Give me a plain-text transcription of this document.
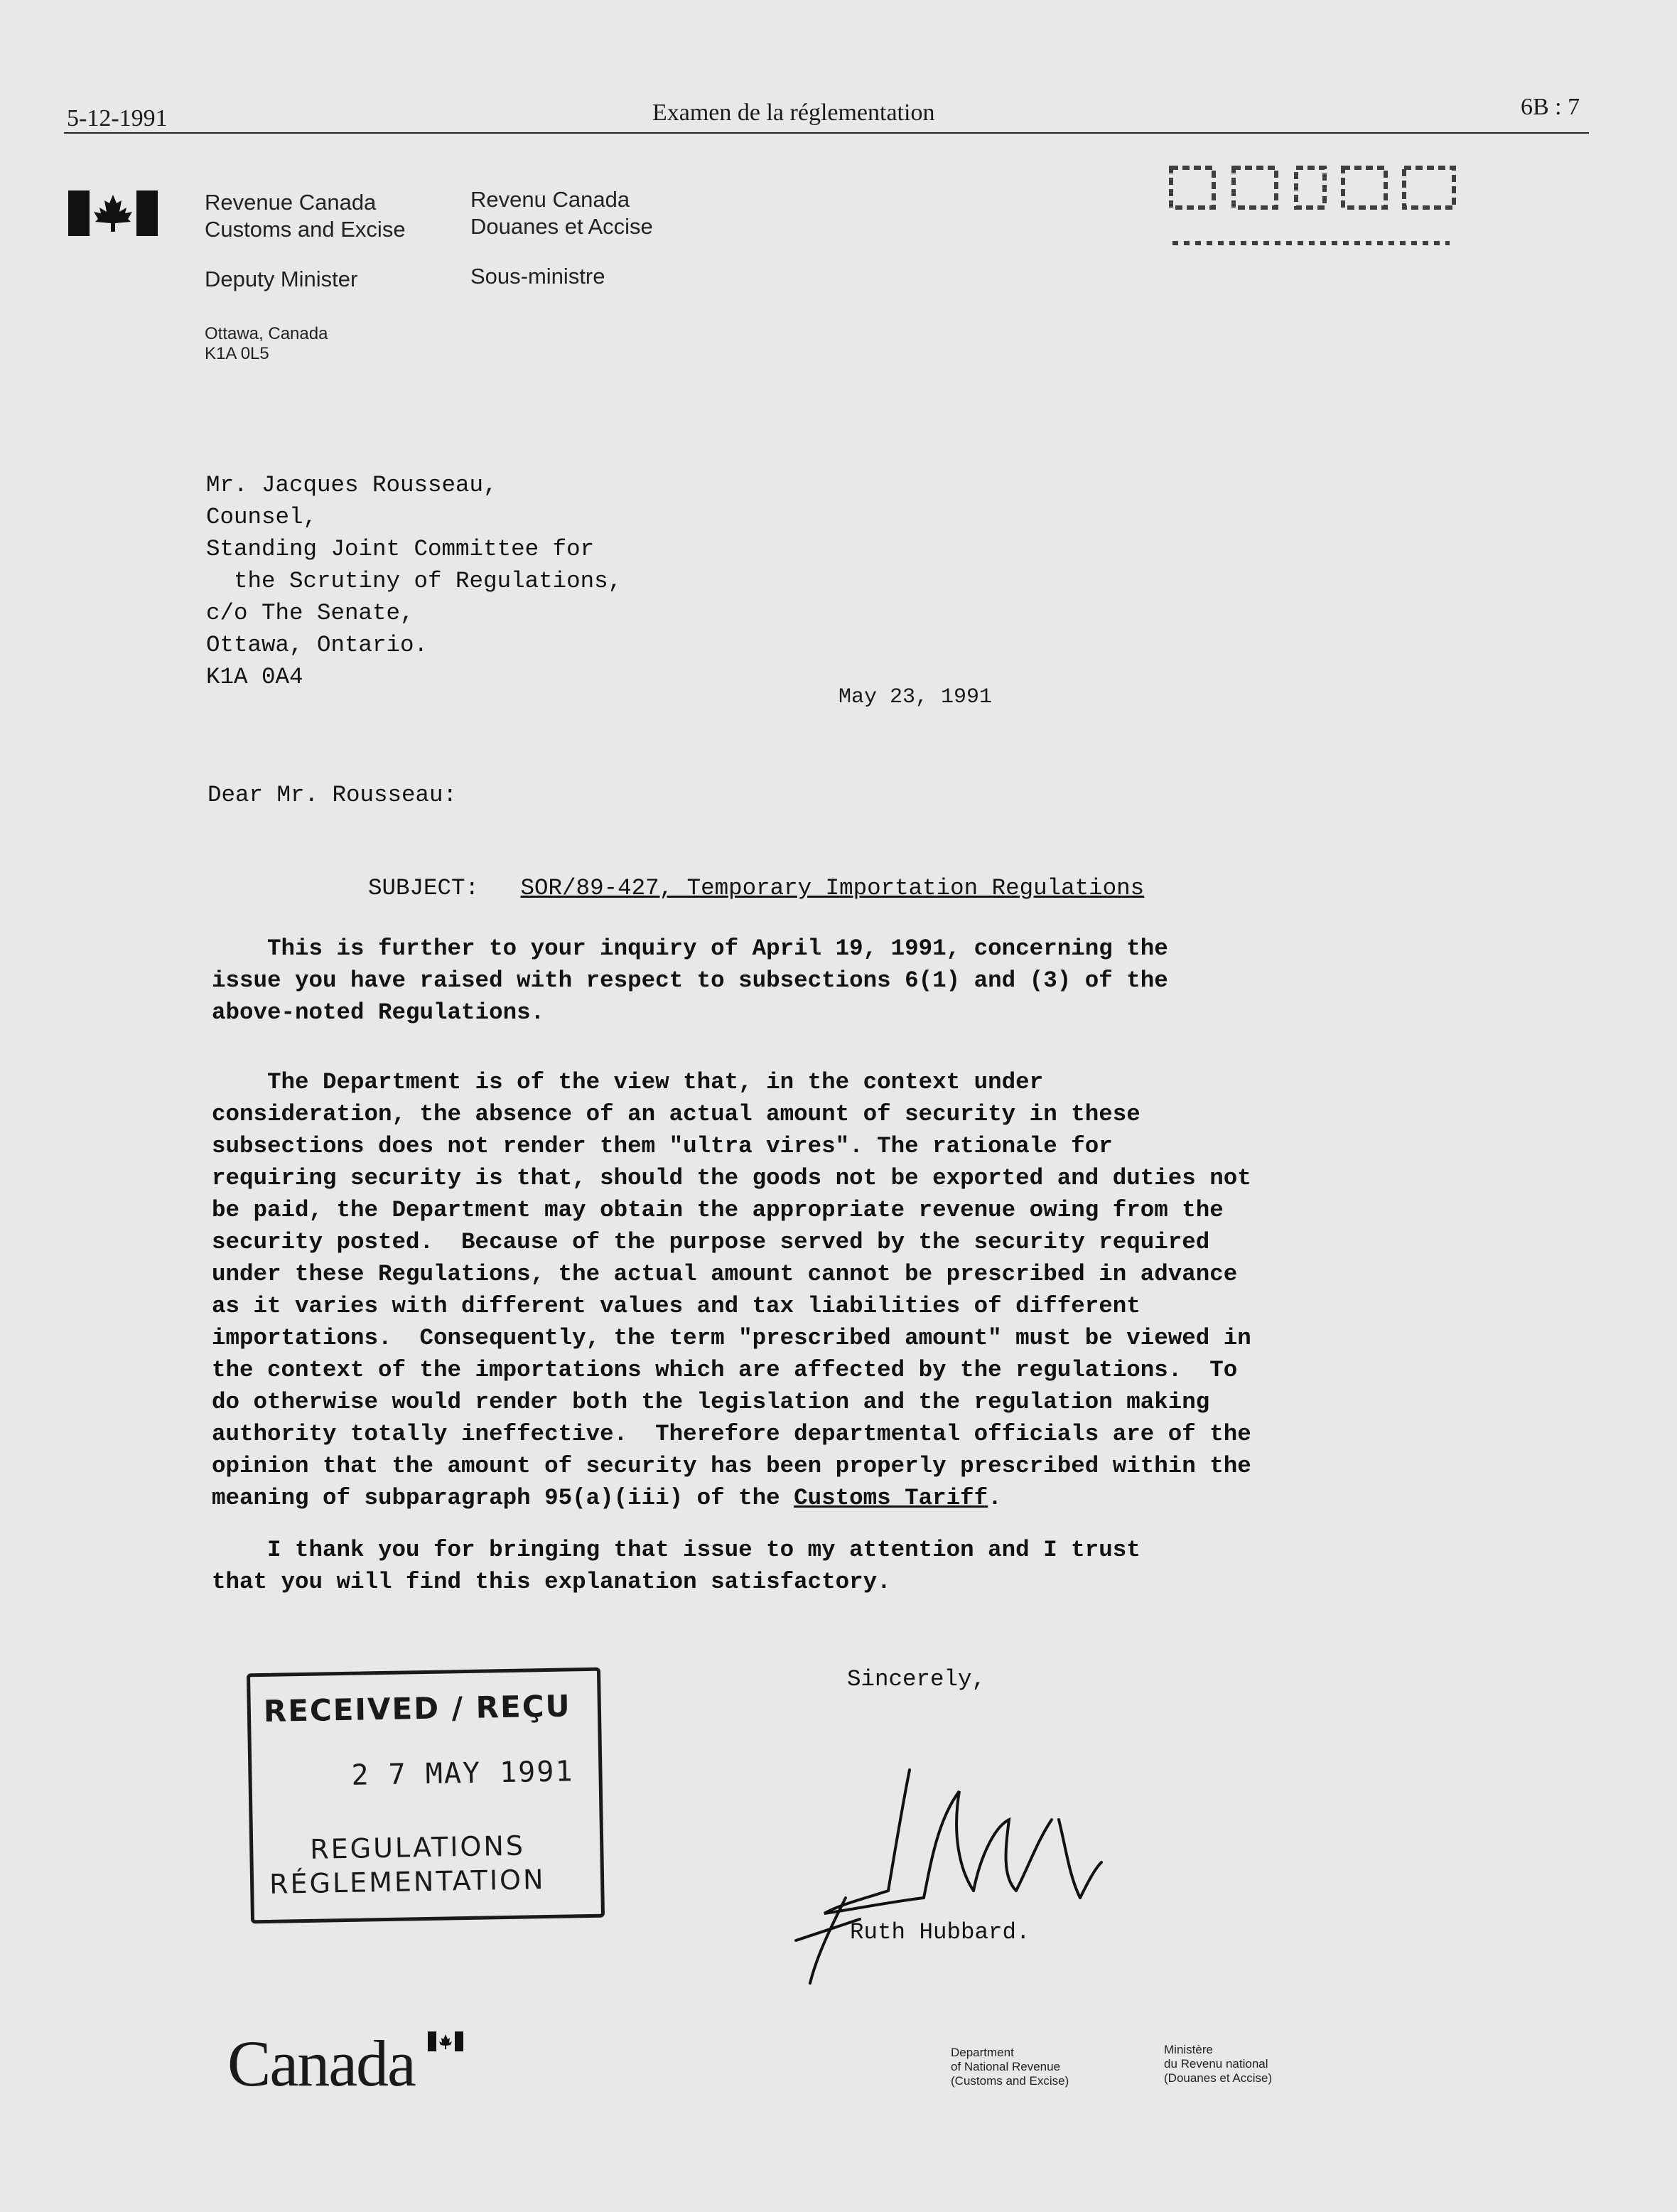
5-12-1991	Examen de la réglementation	6B : 7
Revenue Canada
Customs and Excise
Revenu Canada
Douanes et Accise
Deputy Minister	Sous-ministre
Ottawa, Canada
K1A 0L5
Mr. Jacques Rousseau,
Counsel,
Standing Joint Committee for
the Scrutiny of Regulations,
c/o The Senate,
Ottawa, Ontario.
K1A 0A4
May 23, 1991
Dear Mr. Rousseau:
SUBJECT: SOR/89-427, Temporary Importation Regulations
This is further to your inquiry of April 19, 1991, concerning the
issue you have raised with respect to subsections 6(1) and (3) of the
above-noted Regulations.
The Department is of the view that, in the context under
consideration, the absence of an actual amount of security in these
subsections does not render them "ultra vires". The rationale for
requiring security is that, should the goods not be exported and duties not
be paid, the Department may obtain the appropriate revenue owing from the
security posted.  Because of the purpose served by the security required
under these Regulations, the actual amount cannot be prescribed in advance
as it varies with different values and tax liabilities of different
importations.  Consequently, the term "prescribed amount" must be viewed in
the context of the importations which are affected by the regulations.  To
do otherwise would render both the legislation and the regulation making
authority totally ineffective.  Therefore departmental officials are of the
opinion that the amount of security has been properly prescribed within the
meaning of subparagraph 95(a)(iii) of the Customs Tariff.
I thank you for bringing that issue to my attention and I trust
that you will find this explanation satisfactory.
Sincerely,
Ruth Hubbard.
RECEIVED / REÇU
2 7 MAY 1991
REGULATIONS
RÉGLEMENTATION
Canada	Department
of National Revenue
(Customs and Excise)
Ministère
du Revenu national
(Douanes et Accise)
